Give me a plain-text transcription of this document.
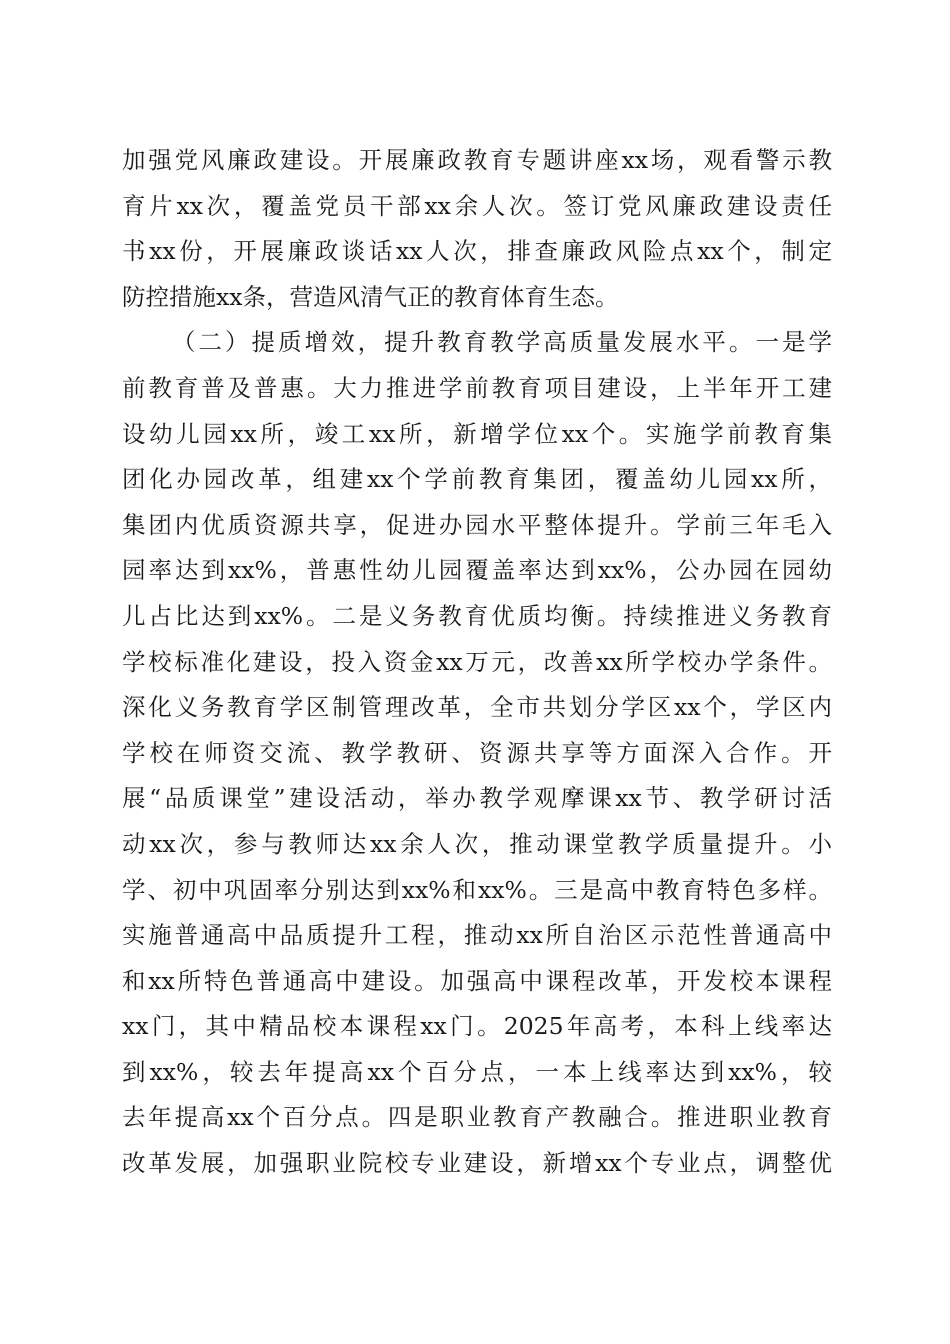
加强党风廉政建设。开展廉政教育专题讲座xx场，观看警示教
育片xx次，覆盖党员干部xx余人次。签订党风廉政建设责任
书xx份，开展廉政谈话xx人次，排查廉政风险点xx个，制定
防控措施xx条，营造风清气正的教育体育生态。
（二）提质增效，提升教育教学高质量发展水平。一是学
前教育普及普惠。大力推进学前教育项目建设，上半年开工建
设幼儿园xx所，竣工xx所，新增学位xx个。实施学前教育集
团化办园改革，组建xx个学前教育集团，覆盖幼儿园xx所，
集团内优质资源共享，促进办园水平整体提升。学前三年毛入
园率达到xx%，普惠性幼儿园覆盖率达到xx%，公办园在园幼
儿占比达到xx%。二是义务教育优质均衡。持续推进义务教育
学校标准化建设，投入资金xx万元，改善xx所学校办学条件。
深化义务教育学区制管理改革，全市共划分学区xx个，学区内
学校在师资交流、教学教研、资源共享等方面深入合作。开
展“品质课堂”建设活动，举办教学观摩课xx节、教学研讨活
动xx次，参与教师达xx余人次，推动课堂教学质量提升。小
学、初中巩固率分别达到xx%和xx%。三是高中教育特色多样。
实施普通高中品质提升工程，推动xx所自治区示范性普通高中
和xx所特色普通高中建设。加强高中课程改革，开发校本课程
xx门，其中精品校本课程xx门。2025年高考，本科上线率达
到xx%，较去年提高xx个百分点，一本上线率达到xx%，较
去年提高xx个百分点。四是职业教育产教融合。推进职业教育
改革发展，加强职业院校专业建设，新增xx个专业点，调整优
